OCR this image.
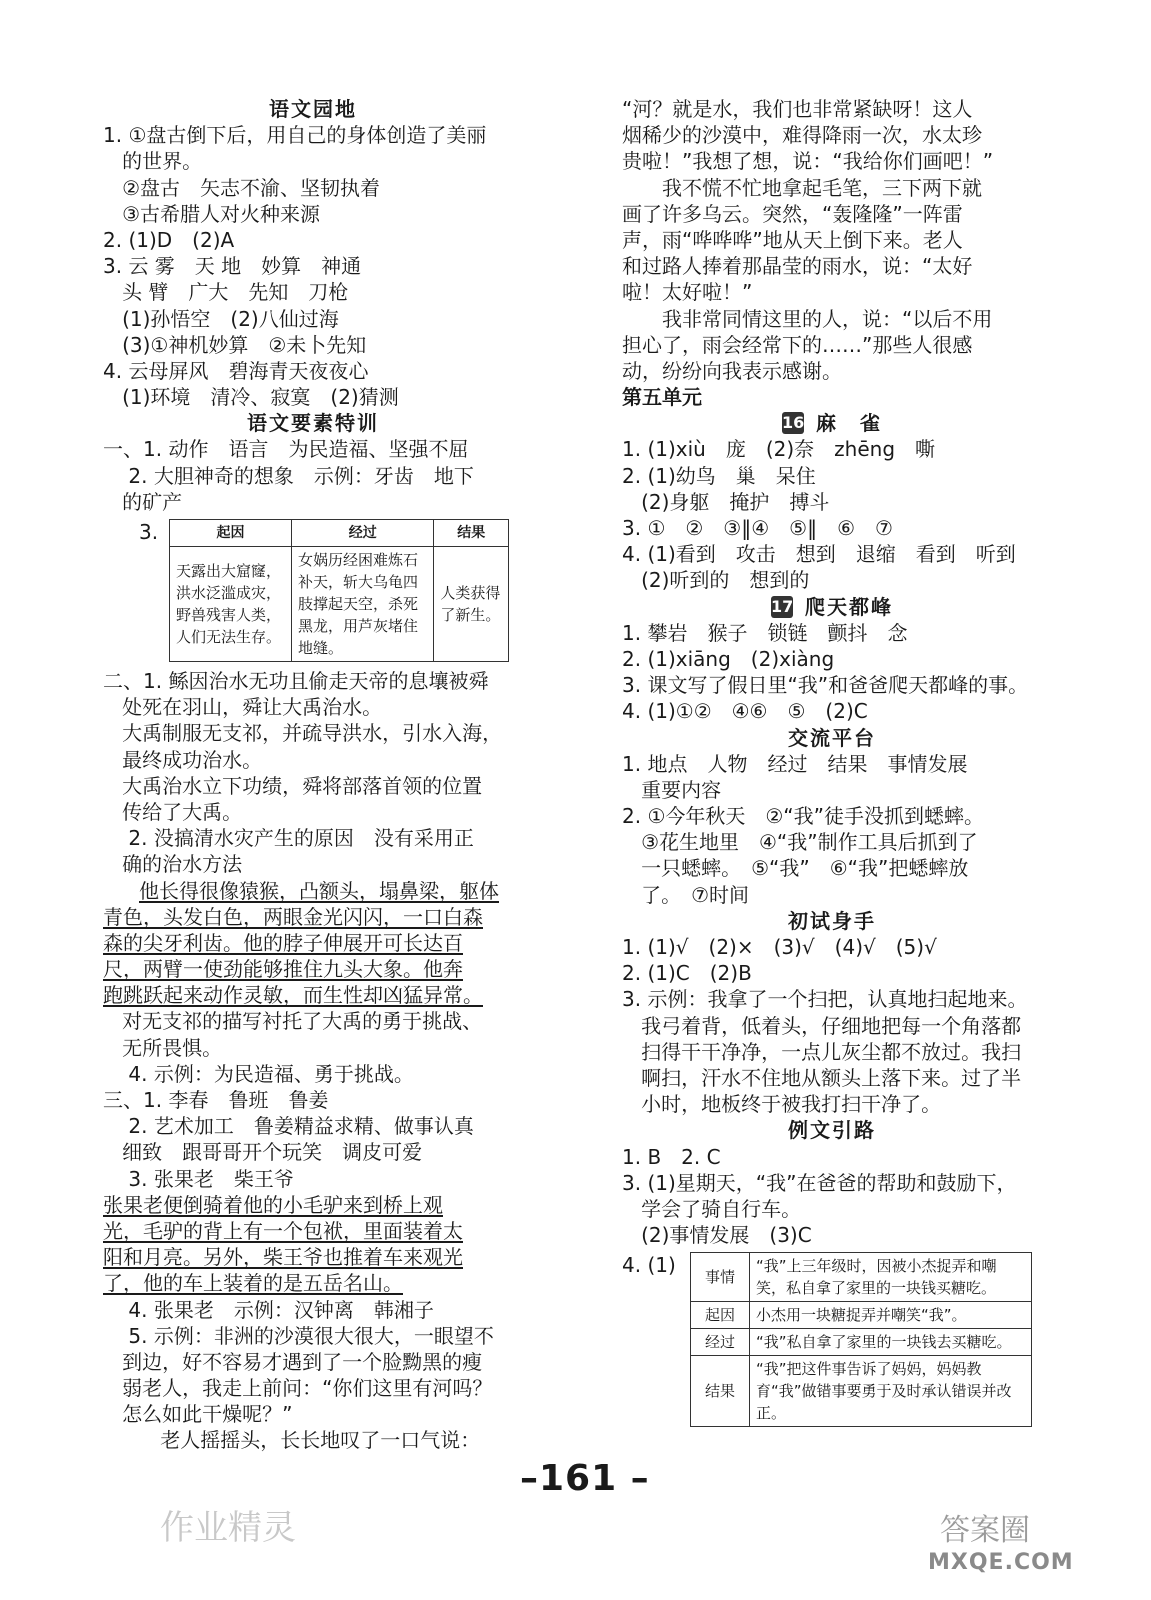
语文园地
1. ①盘古倒下后，用自己的身体创造了美丽
的世界。
②盘古　矢志不渝、坚韧执着
③古希腊人对火种来源
2. (1)D　(2)A
3. 云 雾　天 地　妙算　神通
头 臂　广大　先知　刀枪
(1)孙悟空　(2)八仙过海
(3)①神机妙算　②未卜先知
4. 云母屏风　碧海青天夜夜心
(1)环境　清冷、寂寞　(2)猜测
语文要素特训
一、1. 动作　语言　为民造福、坚强不屈
2. 大胆神奇的想象　示例：牙齿　地下
的矿产
3.	起因	经过	结果
天露出大窟窿，洪水泛滥成灾，野兽残害人类，人们无法生存。	女娲历经困难炼石补天，斩大乌龟四肢撑起天空，杀死黑龙，用芦灰堵住地缝。	人类获得了新生。
二、1. 鲧因治水无功且偷走天帝的息壤被舜
处死在羽山，舜让大禹治水。
大禹制服无支祁，并疏导洪水，引水入海，
最终成功治水。
大禹治水立下功绩，舜将部落首领的位置
传给了大禹。
2. 没搞清水灾产生的原因　没有采用正
确的治水方法
他长得很像猿猴，凸额头，塌鼻梁，躯体
青色，头发白色，两眼金光闪闪，一口白森
森的尖牙利齿。他的脖子伸展开可长达百
尺，两臂一使劲能够推住九头大象。他奔
跑跳跃起来动作灵敏，而生性却凶猛异常。
对无支祁的描写衬托了大禹的勇于挑战、
无所畏惧。
4. 示例：为民造福、勇于挑战。
三、1. 李春　鲁班　鲁姜
2. 艺术加工　鲁姜精益求精、做事认真
细致　跟哥哥开个玩笑　调皮可爱
3. 张果老　柴王爷
张果老便倒骑着他的小毛驴来到桥上观
光，毛驴的背上有一个包袱，里面装着太
阳和月亮。另外，柴王爷也推着车来观光
了，他的车上装着的是五岳名山。
4. 张果老　示例：汉钟离　韩湘子
5. 示例：非洲的沙漠很大很大，一眼望不
到边，好不容易才遇到了一个脸黝黑的瘦
弱老人，我走上前问：“你们这里有河吗？
怎么如此干燥呢？”
老人摇摇头，长长地叹了一口气说：
“河？就是水，我们也非常紧缺呀！这人
烟稀少的沙漠中，难得降雨一次，水太珍
贵啦！”我想了想，说：“我给你们画吧！”
　　我不慌不忙地拿起毛笔，三下两下就
画了许多乌云。突然，“轰隆隆”一阵雷
声，雨“哗哗哗”地从天上倒下来。老人
和过路人捧着那晶莹的雨水，说：“太好
啦！太好啦！”
　　我非常同情这里的人，说：“以后不用
担心了，雨会经常下的……”那些人很感
动，纷纷向我表示感谢。
第五单元
16 麻　雀
1. (1)xiù　庞　(2)奈　zhēng　嘶
2. (1)幼鸟　巢　呆住
(2)身躯　掩护　搏斗
3. ①　②　③‖④　⑤‖　⑥　⑦
4. (1)看到　攻击　想到　退缩　看到　听到
(2)听到的　想到的
17 爬天都峰
1. 攀岩　猴子　锁链　颤抖　念
2. (1)xiāng　(2)xiàng
3. 课文写了假日里“我”和爸爸爬天都峰的事。
4. (1)①②　④⑥　⑤　(2)C
交流平台
1. 地点　人物　经过　结果　事情发展
重要内容
2. ①今年秋天　②“我”徒手没抓到蟋蟀。
③花生地里　④“我”制作工具后抓到了
一只蟋蟀。　⑤“我”　⑥“我”把蟋蟀放
了。　⑦时间
初试身手
1. (1)√　(2)×　(3)√　(4)√　(5)√
2. (1)C　(2)B
3. 示例：我拿了一个扫把，认真地扫起地来。
我弓着背，低着头，仔细地把每一个角落都
扫得干干净净，一点儿灰尘都不放过。我扫
啊扫，汗水不住地从额头上落下来。过了半
小时，地板终于被我打扫干净了。
例文引路
1. B　2. C
3. (1)星期天，“我”在爸爸的帮助和鼓励下，
学会了骑自行车。
(2)事情发展　(3)C
4. (1)	事情	“我”上三年级时，因被小杰捉弄和嘲笑，私自拿了家里的一块钱买糖吃。
起因	小杰用一块糖捉弄并嘲笑“我”。
经过	“我”私自拿了家里的一块钱去买糖吃。
结果	“我”把这件事告诉了妈妈，妈妈教育“我”做错事要勇于及时承认错误并改正。
–161 –
作业精灵
MXQE.COM
答案圈
